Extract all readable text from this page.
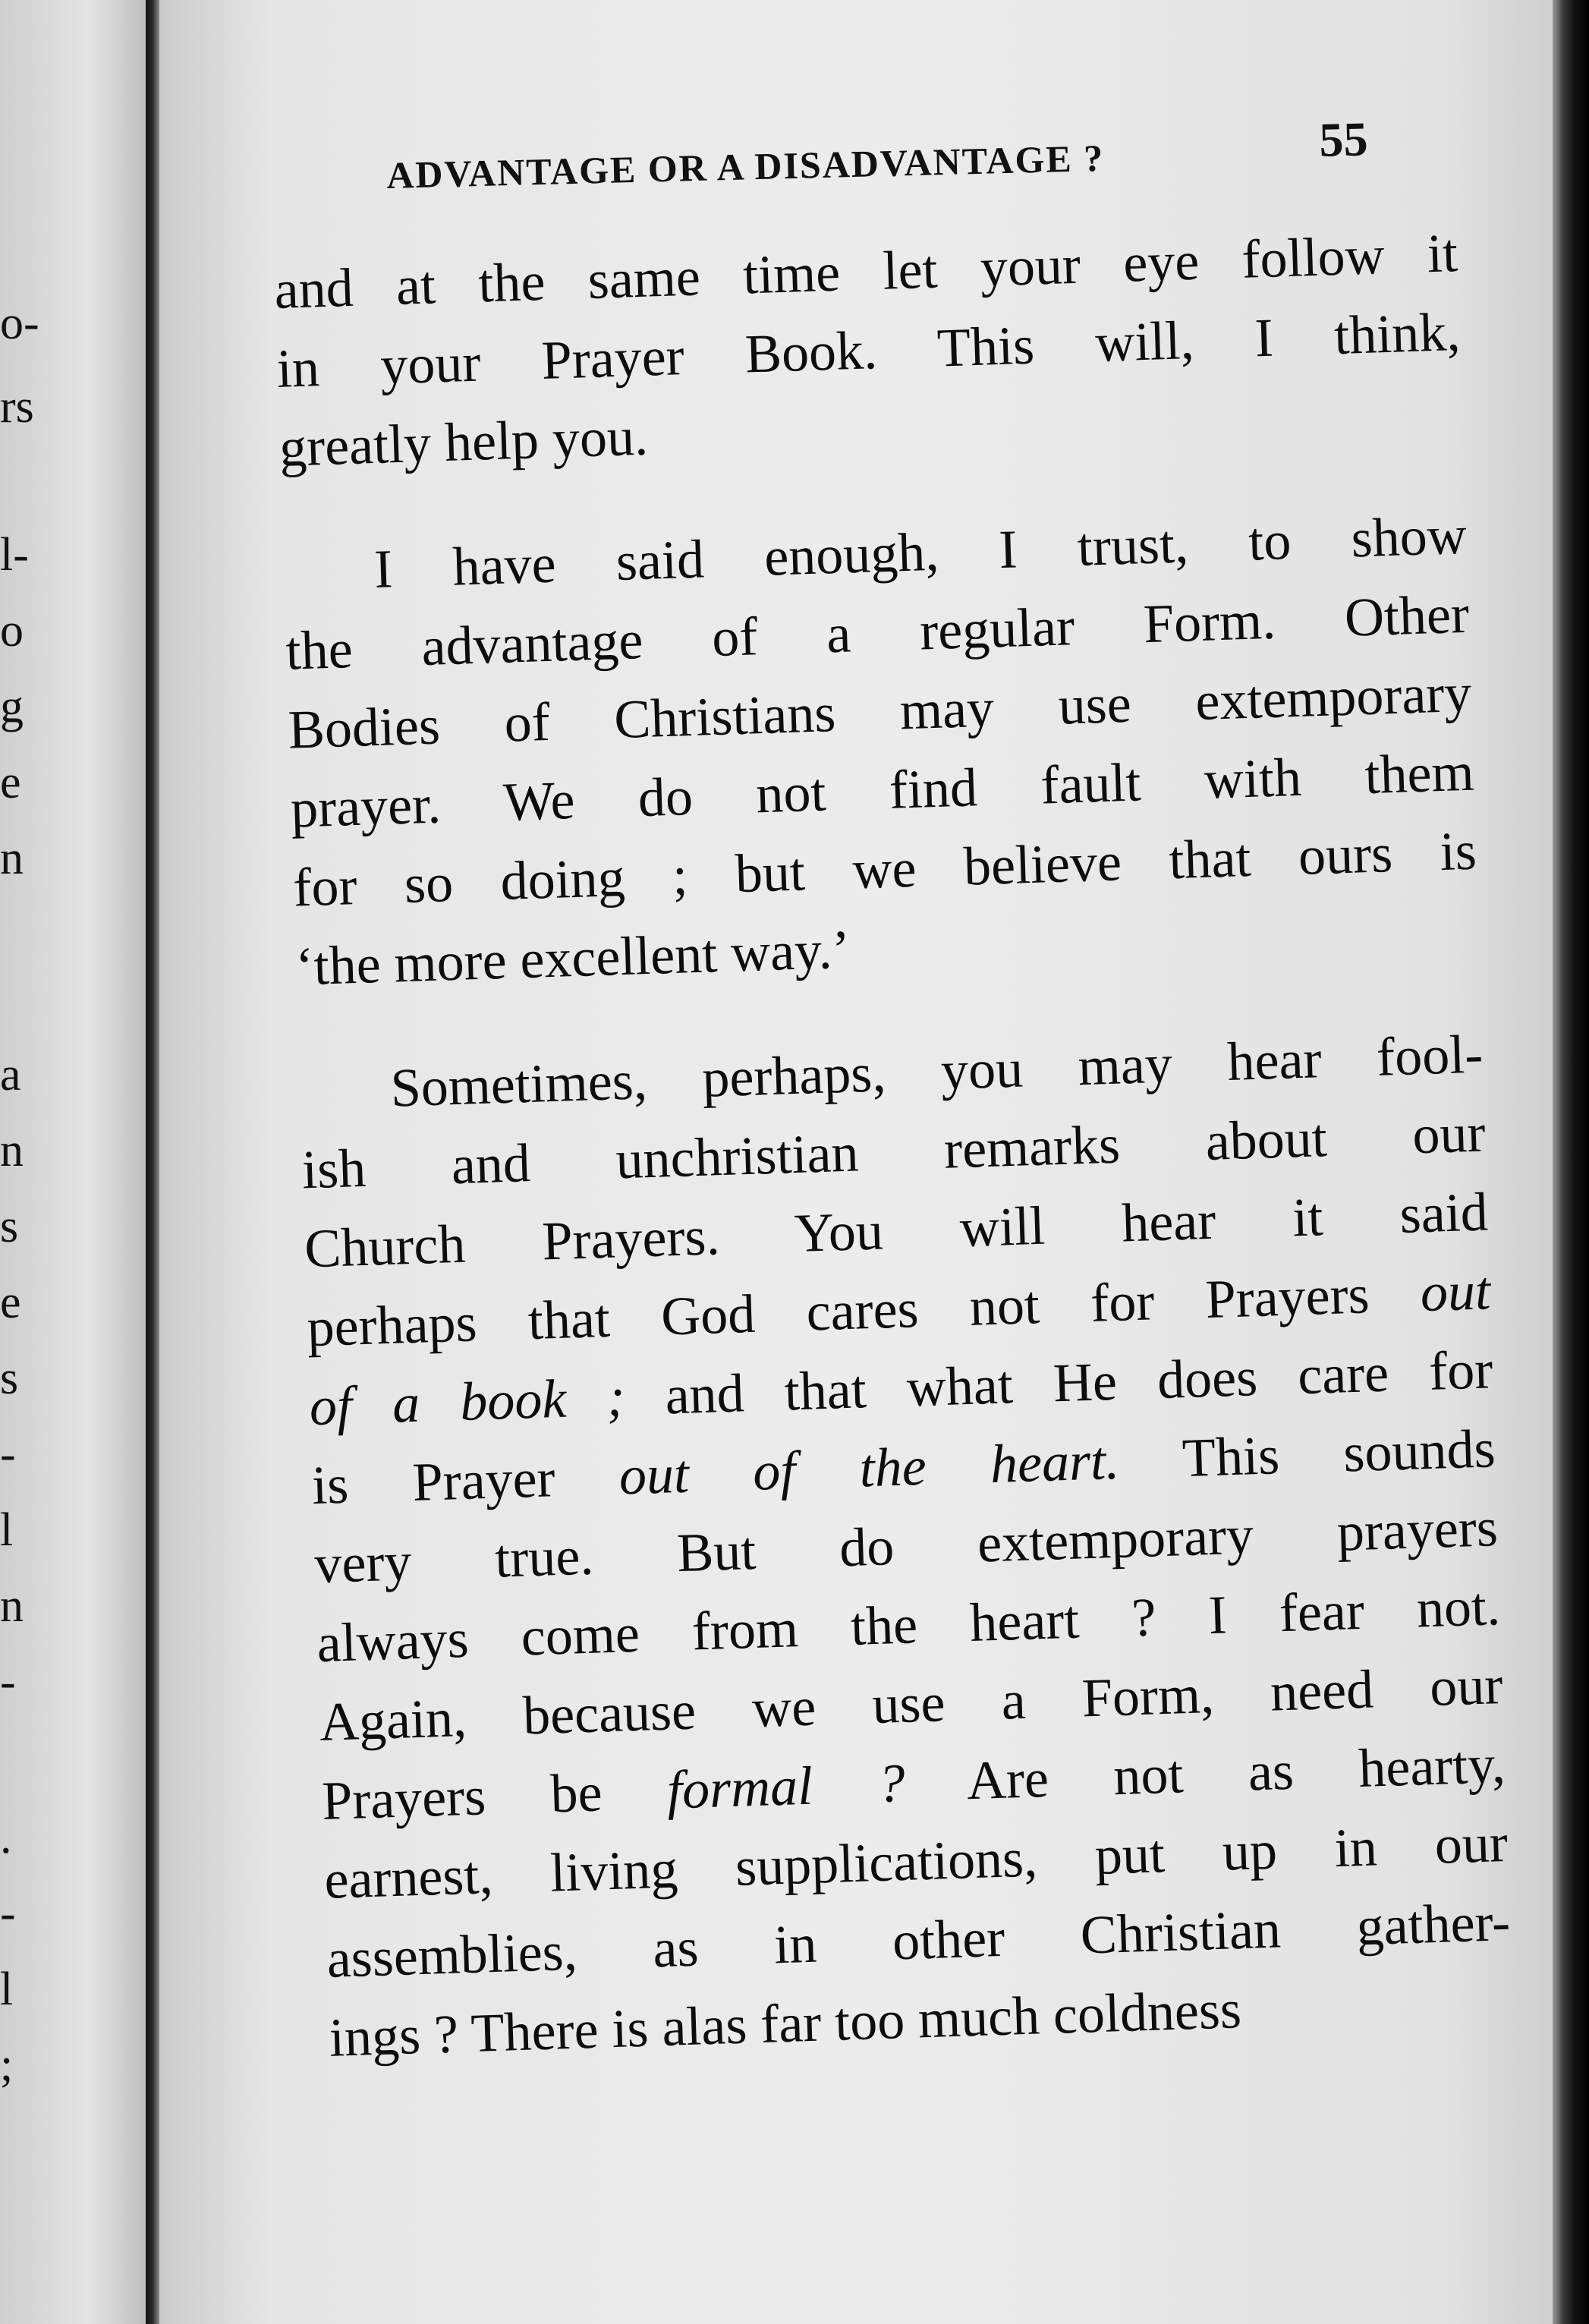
o-
rs
l-
o
g
e
n
a
n
s
e
s
-
l
n
-
.
-
l
;
ADVANTAGE OR A DISADVANTAGE ?	55
and at the same time let your eye follow it
in your Prayer Book. This will, I think,
greatly help you.
I have said enough, I trust, to show
the advantage of a regular Form. Other
Bodies of Christians may use extemporary
prayer. We do not find fault with them
for so doing ; but we believe that ours is
‘the more excellent way.’
Sometimes, perhaps, you may hear fool-
ish and unchristian remarks about our
Church Prayers. You will hear it said
perhaps that God cares not for Prayers out
of a book ; and that what He does care for
is Prayer out of the heart. This sounds
very true. But do extemporary prayers
always come from the heart ? I fear not.
Again, because we use a Form, need our
Prayers be formal ? Are not as hearty,
earnest, living supplications, put up in our
assemblies, as in other Christian gather-
ings ? There is alas far too much coldness
